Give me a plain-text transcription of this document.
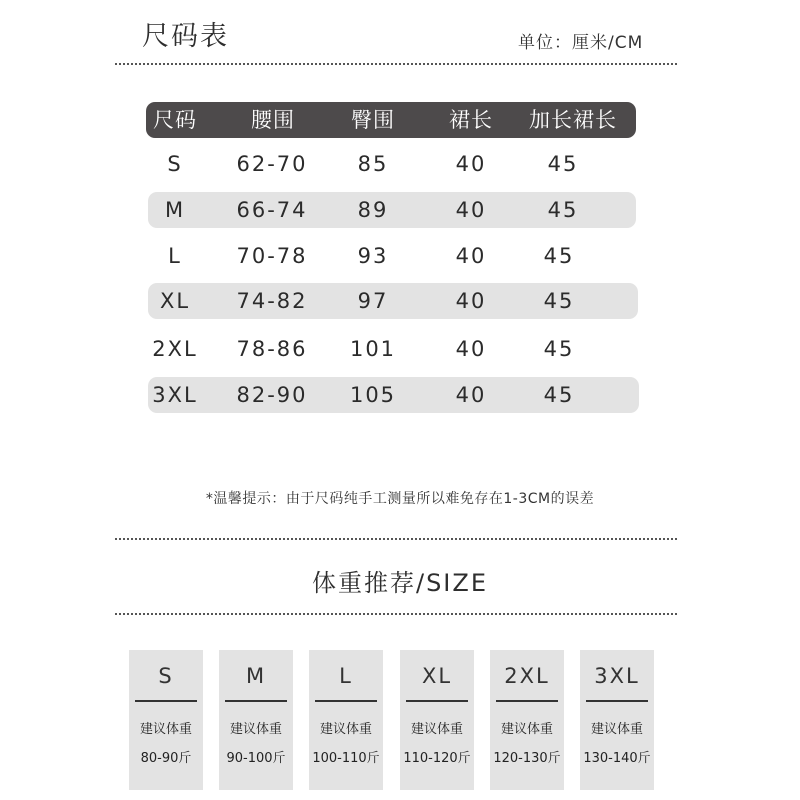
尺码表	单位：厘米/CM
尺码	腰围	臀围	裙长	加长裙长
S	62-70	85	40	45
M	66-74	89	40	45
L	70-78	93	40	45
XL	74-82	97	40	45
2XL	78-86	101	40	45
3XL	82-90	105	40	45
*温馨提示：由于尺码纯手工测量所以难免存在1-3CM的误差
体重推荐/SIZE
S
建议体重
80-90斤
M
建议体重
90-100斤
L
建议体重
100-110斤
XL
建议体重
110-120斤
2XL
建议体重
120-130斤
3XL
建议体重
130-140斤
